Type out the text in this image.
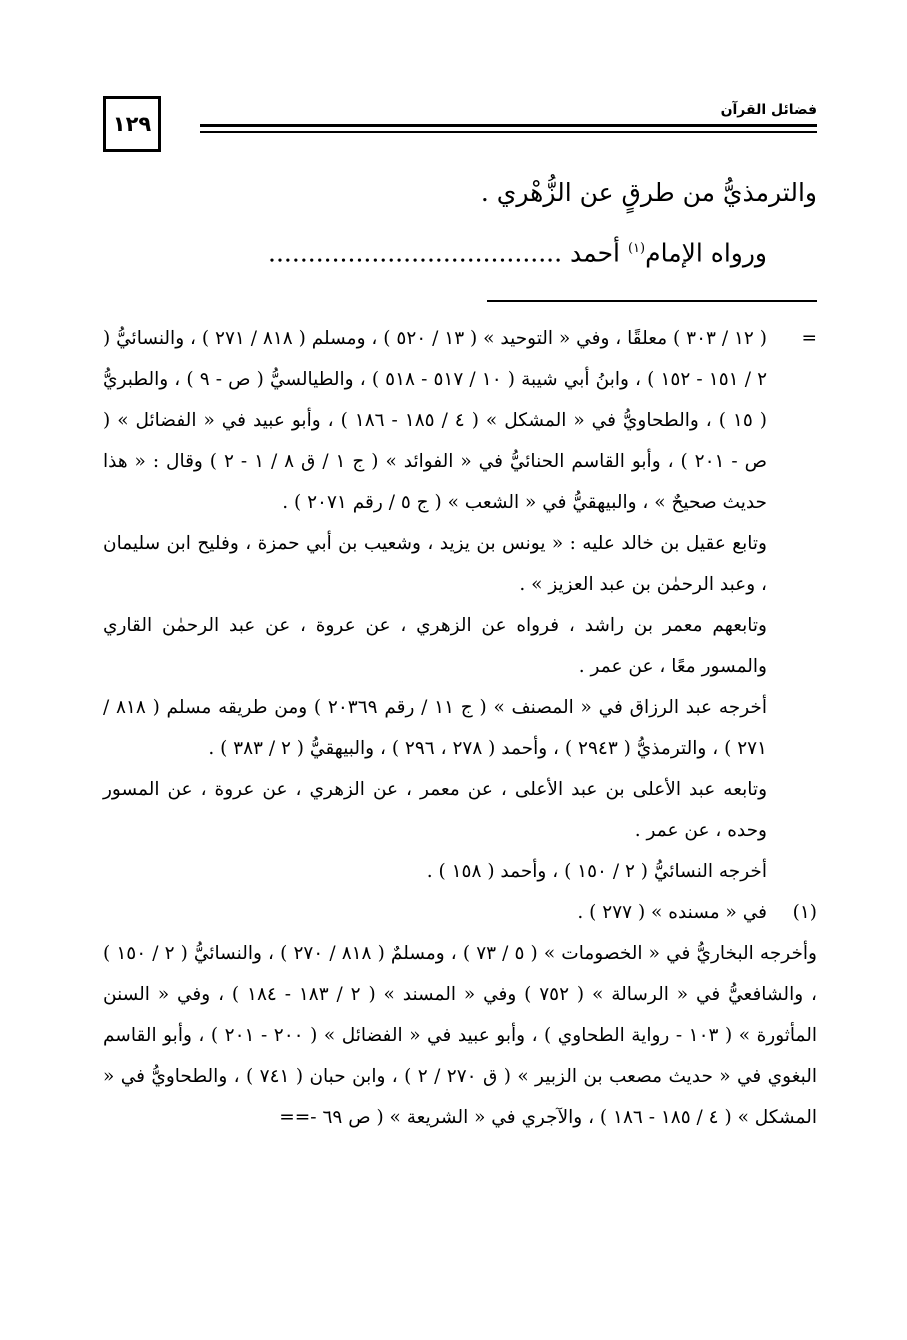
١٢٩
فضائل القرآن

والترمذيُّ من طرقٍ عن الزُّهْري .

ورواه الإمام$^{(١)}$ أحمد .....................................

=

( ١٢ / ٣٠٣ ) معلقًا ، وفي « التوحيد » ( ١٣ / ٥٢٠ ) ، ومسلم ( ٨١٨ / ٢٧١ ) ، والنسائيُّ ( ٢ / ١٥١ - ١٥٢ ) ، وابنُ أبي شيبة ( ١٠ / ٥١٧ - ٥١٨ ) ، والطيالسيُّ ( ص - ٩ ) ، والطبريُّ ( ١٥ ) ، والطحاويُّ في « المشكل » ( ٤ / ١٨٥ - ١٨٦ ) ، وأبو عبيد في « الفضائل » ( ص - ٢٠١ ) ، وأبو القاسم الحنائيُّ في « الفوائد » ( ج ١ / ق ٨ / ١ - ٢ ) وقال : « هذا حديث صحيحٌ » ، والبيهقيُّ في « الشعب » ( ج ٥ / رقم ٢٠٧١ ) .

وتابع عقيل بن خالد عليه : « يونس بن يزيد ، وشعيب بن أبي حمزة ، وفليح ابن سليمان ، وعبد الرحمٰن بن عبد العزيز » .

وتابعهم معمر بن راشد ، فرواه عن الزهري ، عن عروة ، عن عبد الرحمٰن القاري والمسور معًا ، عن عمر .

أخرجه عبد الرزاق في « المصنف » ( ج ١١ / رقم ٢٠٣٦٩ ) ومن طريقه مسلم ( ٨١٨ / ٢٧١ ) ، والترمذيُّ ( ٢٩٤٣ ) ، وأحمد ( ٢٧٨ ، ٢٩٦ ) ، والبيهقيُّ ( ٢ / ٣٨٣ ) .

وتابعه عبد الأعلى بن عبد الأعلى ، عن معمر ، عن الزهري ، عن عروة ، عن المسور وحده ، عن عمر .

أخرجه النسائيُّ ( ٢ / ١٥٠ ) ، وأحمد ( ١٥٨ ) .

(١)

في « مسنده » ( ٢٧٧ ) .

وأخرجه البخاريُّ في « الخصومات » ( ٥ / ٧٣ ) ، ومسلمٌ ( ٨١٨ / ٢٧٠ ) ، والنسائيُّ ( ٢ / ١٥٠ ) ، والشافعيُّ في « الرسالة » ( ٧٥٢ ) وفي « المسند » ( ٢ / ١٨٣ - ١٨٤ ) ، وفي « السنن المأثورة » ( ١٠٣ - رواية الطحاوي ) ، وأبو عبيد في « الفضائل » ( ٢٠٠ - ٢٠١ ) ، وأبو القاسم البغوي في « حديث مصعب بن الزبير » ( ق ٢٧٠ / ٢ ) ، وابن حبان ( ٧٤١ ) ، والطحاويُّ في « المشكل » ( ٤ / ١٨٥ - ١٨٦ ) ، والآجري في « الشريعة » ( ص ٦٩ -==
